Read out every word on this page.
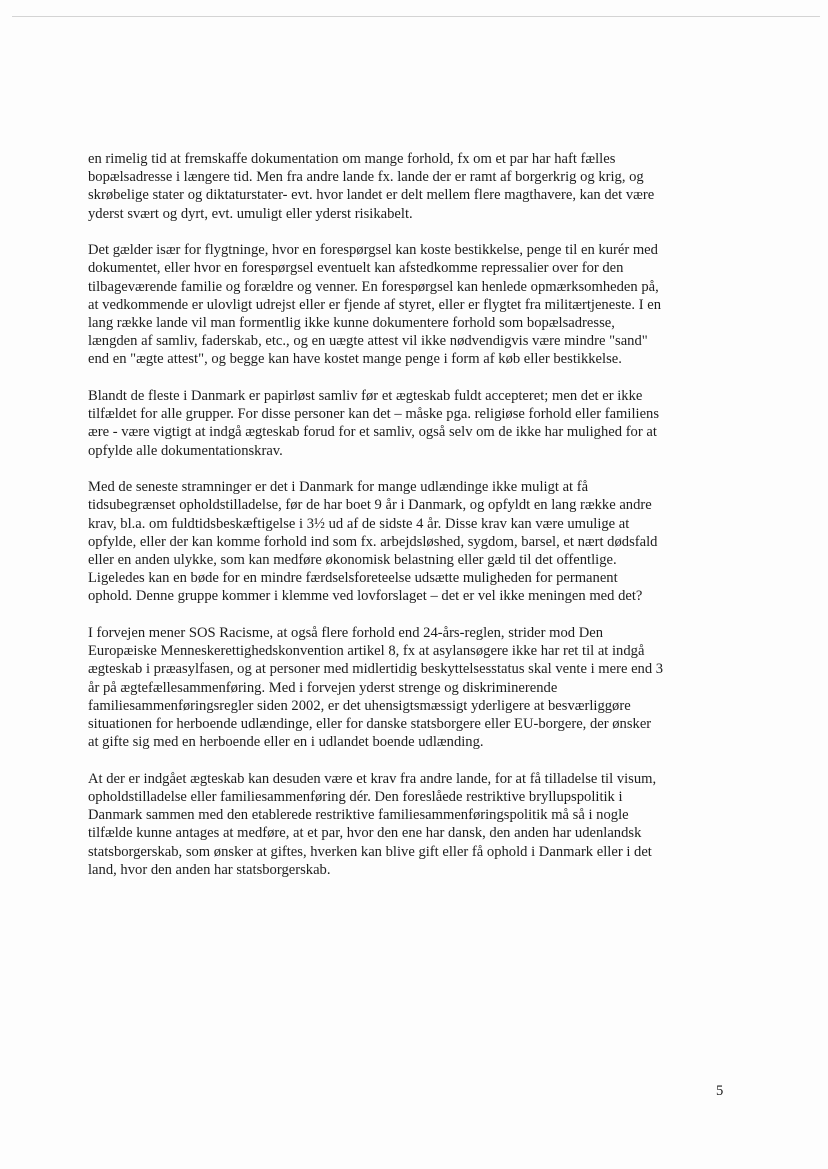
en rimelig tid at fremskaffe dokumentation om mange forhold, fx om et par har haft fælles
bopælsadresse i længere tid. Men fra andre lande fx. lande der er ramt af borgerkrig og krig, og
skrøbelige stater og diktaturstater- evt. hvor landet er delt mellem flere magthavere, kan det være
yderst svært og dyrt, evt. umuligt eller yderst risikabelt.

Det gælder især for flygtninge, hvor en forespørgsel kan koste bestikkelse, penge til en kurér med
dokumentet, eller hvor en forespørgsel eventuelt kan afstedkomme repressalier over for den
tilbageværende familie og forældre og venner. En forespørgsel kan henlede opmærksomheden på,
at vedkommende er ulovligt udrejst eller er fjende af styret, eller er flygtet fra militærtjeneste. I en
lang række lande vil man formentlig ikke kunne dokumentere forhold som bopælsadresse,
længden af samliv, faderskab, etc., og en uægte attest vil ikke nødvendigvis være mindre "sand"
end en "ægte attest", og begge kan have kostet mange penge i form af køb eller bestikkelse.

Blandt de fleste i Danmark er papirløst samliv før et ægteskab fuldt accepteret; men det er ikke
tilfældet for alle grupper. For disse personer kan det – måske pga. religiøse forhold eller familiens
ære - være vigtigt at indgå ægteskab forud for et samliv, også selv om de ikke har mulighed for at
opfylde alle dokumentationskrav.

Med de seneste stramninger er det i Danmark for mange udlændinge ikke muligt at få
tidsubegrænset opholdstilladelse, før de har boet 9 år i Danmark, og opfyldt en lang række andre
krav, bl.a. om fuldtidsbeskæftigelse i 3½ ud af de sidste 4 år. Disse krav kan være umulige at
opfylde, eller der kan komme forhold ind som fx. arbejdsløshed, sygdom, barsel, et nært dødsfald
eller en anden ulykke, som kan medføre økonomisk belastning eller gæld til det offentlige.
Ligeledes kan en bøde for en mindre færdselsforeteelse udsætte muligheden for permanent
ophold. Denne gruppe kommer i klemme ved lovforslaget – det er vel ikke meningen med det?

I forvejen mener SOS Racisme, at også flere forhold end 24-års-reglen, strider mod Den
Europæiske Menneskerettighedskonvention artikel 8, fx at asylansøgere ikke har ret til at indgå
ægteskab i præasylfasen, og at personer med midlertidig beskyttelsesstatus skal vente i mere end 3
år på ægtefællesammenføring. Med i forvejen yderst strenge og diskriminerende
familiesammenføringsregler siden 2002, er det uhensigtsmæssigt yderligere at besværliggøre
situationen for herboende udlændinge, eller for danske statsborgere eller EU-borgere, der ønsker
at gifte sig med en herboende eller en i udlandet boende udlænding.

At der er indgået ægteskab kan desuden være et krav fra andre lande, for at få tilladelse til visum,
opholdstilladelse eller familiesammenføring dér. Den foreslåede restriktive bryllupspolitik i
Danmark sammen med den etablerede restriktive familiesammenføringspolitik må så i nogle
tilfælde kunne antages at medføre, at et par, hvor den ene har dansk, den anden har udenlandsk
statsborgerskab, som ønsker at giftes, hverken kan blive gift eller få ophold i Danmark eller i det
land, hvor den anden har statsborgerskab.

5
